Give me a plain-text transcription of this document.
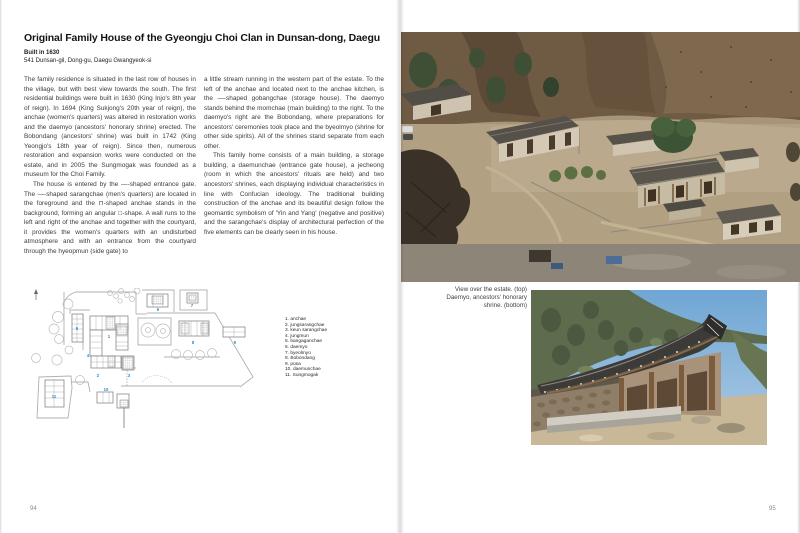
Original Family House of the Gyeongju Choi Clan in Dunsan-dong, Daegu
Built in 1630
541 Dunsan-gil, Dong-gu, Daegu Gwangyeok-si

The family residence is situated in the last row of houses in the village, but with best view towards the south. The first residential buildings were built in 1630 (King Injo's 8th year of reign). In 1694 (King Sukjong's 20th year of reign), the anchae (women's quarters) was altered in restoration works and the daemyo (ancestors' honorary shrine) erected. The Bobondang (ancestors' shrine) was built in 1742 (King Yeongjo's 18th year of reign). Since then, numerous restoration and expansion works were conducted on the estate, and in 2005 the Sungmogak was founded as a museum for the Choi Family.

The house is entered by the —-shaped entrance gate. The —-shaped sarangchae (men's quarters) are located in the foreground and the ⊓-shaped anchae stands in the background, forming an angular □-shape. A wall runs to the left and right of the anchae and together with the courtyard, it provides the women's quarters with an undisturbed atmosphere and with an entrance from the courtyard through the hyeopmun (side gate) to

a little stream running in the western part of the estate. To the left of the anchae and located next to the anchae kitchen, is the —-shaped gobangchae (storage house). The daemyo stands behind the momchae (main building) to the right. To the daemyo's right are the Bobondang, where preparations for ancestors' ceremonies took place and the byeolmyo (shrine for other side spirits). All of the shrines stand separate from each other.

This family home consists of a main building, a storage building, a daemunchae (entrance gate house), a jecheong (room in which the ancestors' rituals are held) and two ancestors' shrines, each displaying individual characteristics in line with Confucian ideology. The traditional building construction of the anchae and its beautiful design follow the geomantic symbolism of 'Yin and Yang' (negative and positive) and the sarangchae's display of architectural perfection of the five elements can be clearly seen in his house.

1
2	3
4
5
6
7
8	9
10
11
1. anchae
2. jungsarangchae
3. keun sarangchae
4. jungmun
5. bangaganchae
6. daemyo
7. byeolmyo
8. Bobondang
9. posa
10. daemunchae
11. Sungmogak
94
View over the estate. (top)
Daemyo, ancestors' honorary
shrine. (bottom)
95
